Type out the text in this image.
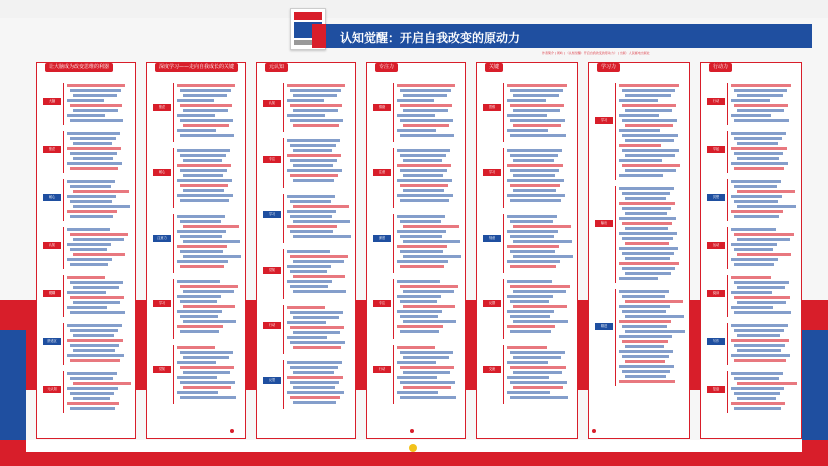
认知觉醒：开启自我改变的原动力
作者简介 | 周岭 | 《认知觉醒：开启自我改变的原动力》 | 出版：人民邮电出版社
让大脑成为改变思维的利器
大脑
焦虑
耐心
认知
模糊
舒适区
元认知
深度学习——走向自我成长的关键
焦虑
耐心
注意力
学习
觉知
元认知
认知
专注
学习
觉知
行动
反思
专注力
情绪
注意
深度
专注
行动
关键
思维
学习
刻意
反馈
交流
学习力
学习
输出
精进
行动力
行动
早起
冥想
运动
阅读
写作
复盘
